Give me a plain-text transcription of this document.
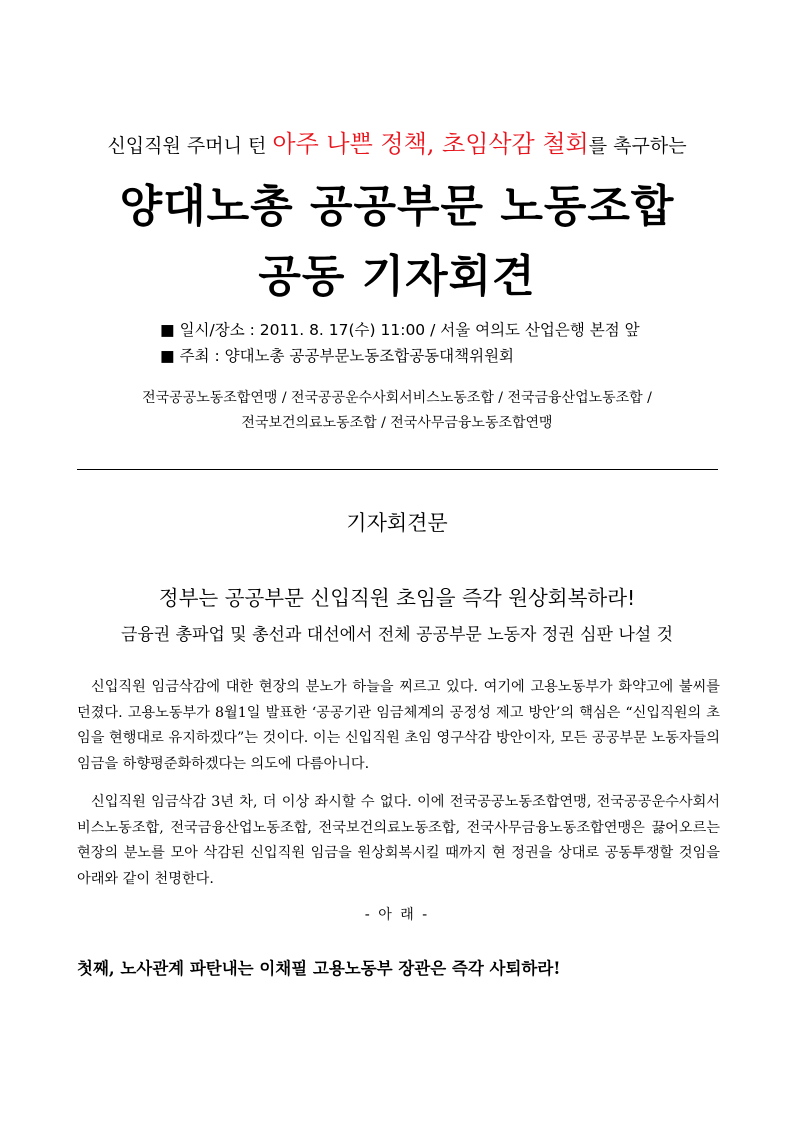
신입직원 주머니 턴 아주 나쁜 정책, 초임삭감 철회를 촉구하는
양대노총 공공부문 노동조합
공동 기자회견
■ 일시/장소 : 2011. 8. 17(수) 11:00 / 서울 여의도 산업은행 본점 앞
■ 주최 : 양대노총 공공부문노동조합공동대책위원회
전국공공노동조합연맹 / 전국공공운수사회서비스노동조합 / 전국금융산업노동조합 /
전국보건의료노동조합 / 전국사무금융노동조합연맹
기자회견문
정부는 공공부문 신입직원 초임을 즉각 원상회복하라!
금융권 총파업 및 총선과 대선에서 전체 공공부문 노동자 정권 심판 나설 것
신입직원 임금삭감에 대한 현장의 분노가 하늘을 찌르고 있다. 여기에 고용노동부가 화약고에 불씨를 던졌다. 고용노동부가 8월1일 발표한 ‘공공기관 임금체계의 공정성 제고 방안’의 핵심은 “신입직원의 초임을 현행대로 유지하겠다”는 것이다. 이는 신입직원 초임 영구삭감 방안이자, 모든 공공부문 노동자들의 임금을 하향평준화하겠다는 의도에 다름아니다.
신입직원 임금삭감 3년 차, 더 이상 좌시할 수 없다. 이에 전국공공노동조합연맹, 전국공공운수사회서비스노동조합, 전국금융산업노동조합, 전국보건의료노동조합, 전국사무금융노동조합연맹은 끓어오르는 현장의 분노를 모아 삭감된 신입직원 임금을 원상회복시킬 때까지 현 정권을 상대로 공동투쟁할 것임을 아래와 같이 천명한다.
- 아 래 -
첫째, 노사관계 파탄내는 이채필 고용노동부 장관은 즉각 사퇴하라!
